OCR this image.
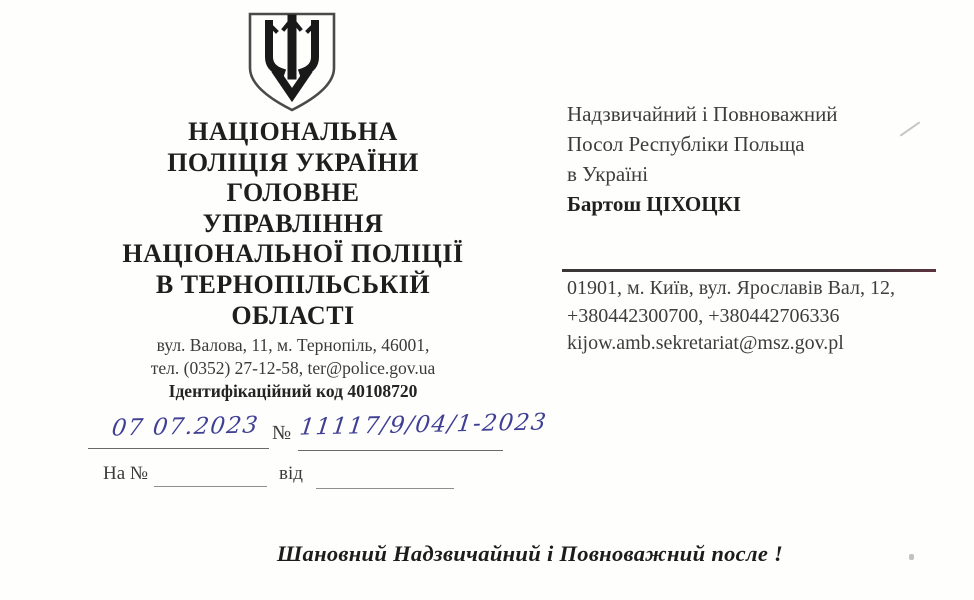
НАЦІОНАЛЬНА
ПОЛІЦІЯ УКРАЇНИ
ГОЛОВНЕ
УПРАВЛІННЯ
НАЦІОНАЛЬНОЇ ПОЛІЦІЇ
В ТЕРНОПІЛЬСЬКІЙ
ОБЛАСТІ
вул. Валова, 11, м. Тернопіль, 46001,
тел. (0352) 27-12-58, ter@police.gov.ua
Ідентифікаційний код 40108720
07 07.2023 № 11117/9/04/1-2023
На №	від
Надзвичайний і Повноважний
Посол Республіки Польща
в Україні
Бартош ЦІХОЦКІ
01901, м. Київ, вул. Ярославів Вал, 12,
+380442300700, +380442706336
kijow.amb.sekretariat@msz.gov.pl
Шановний Надзвичайний і Повноважний после !
